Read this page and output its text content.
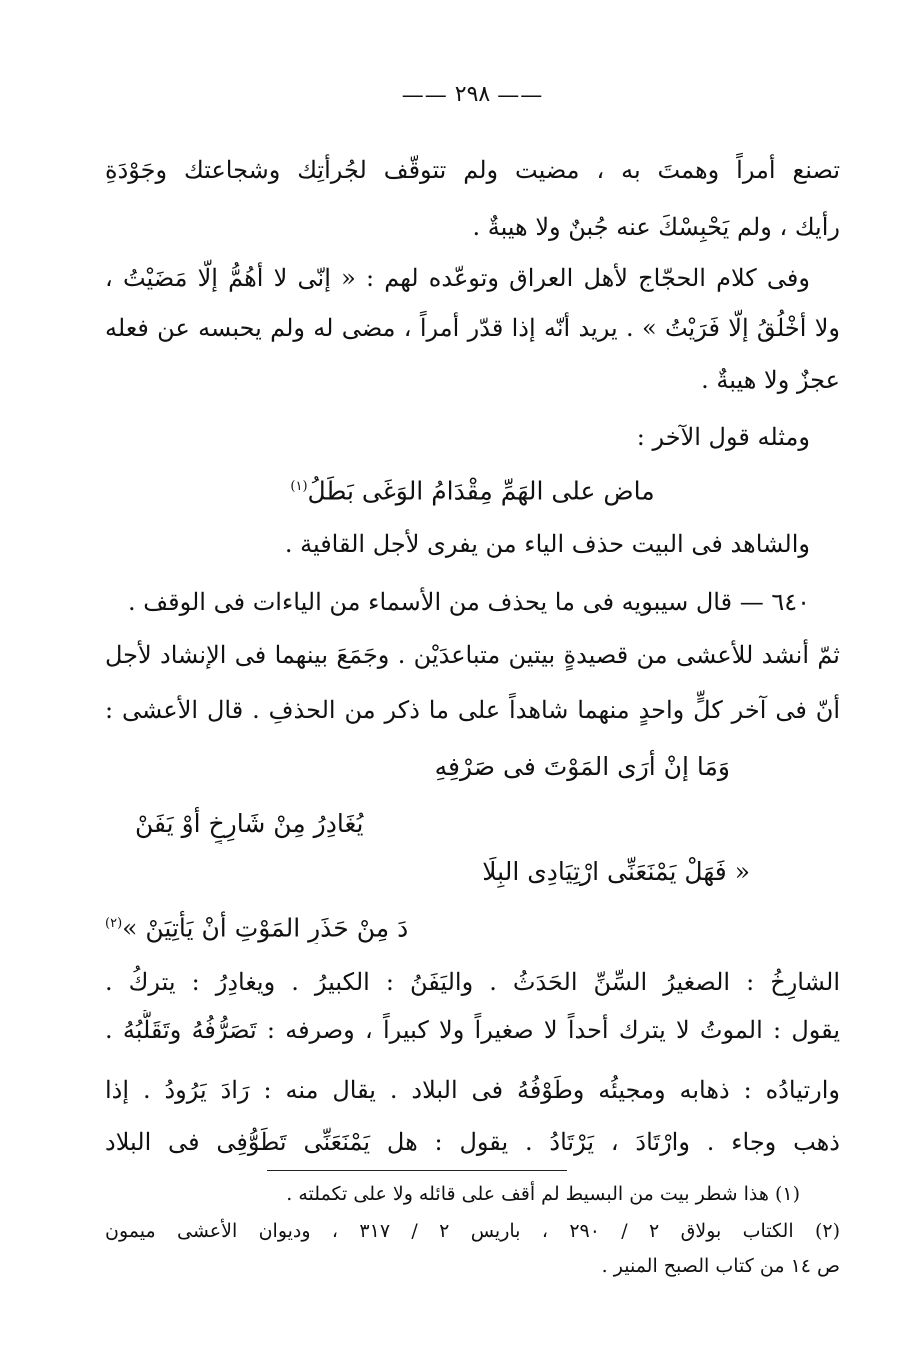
—— ٢٩٨ ——
تصنع أمراً وهمتَ به ، مضيت ولم تتوقّف لجُرأتِك وشجاعتك وجَوْدَةِ
رأيك ، ولم يَحْبِسْكَ عنه جُبنٌ ولا هيبةٌ .
وفى كلام الحجّاج لأهل العراق وتوعّده لهم : « إنّى لا أهُمُّ إلّا مَضَيْتُ ،
ولا أخْلُقُ إلّا فَرَيْتُ » . يريد أنّه إذا قدّر أمراً ، مضى له ولم يحبسه عن فعله
عجزٌ ولا هيبةٌ .
ومثله قول الآخر :
ماضٍ على الهَمِّ مِقْدَامُ الوَغَى بَطَلُ$^{(١)}$
والشاهد فى البيت حذف الياء من يفرى لأجل القافية .
٦٤٠ — قال سيبويه فى ما يحذف من الأسماء من الياءات فى الوقف .
ثمّ أنشد للأعشى من قصيدةٍ بيتين متباعدَيْن . وجَمَعَ بينهما فى الإنشاد لأجل
أنّ فى آخر كلٍّ واحدٍ منهما شاهداً على ما ذكر من الحذفِ . قال الأعشى :
وَمَا إنْ أرَى المَوْتَ فى صَرْفِهِ
يُغَادِرُ مِنْ شَارِخٍ أوْ يَفَنْ
« فَهَلْ يَمْنَعَنِّى ارْتِيَادِى البِلَا
دَ مِنْ حَذَرِ المَوْتِ أنْ يَأتِيَنْ »$^{(٢)}$
الشارِخُ : الصغيرُ السِّنِّ الحَدَثُ . واليَفَنُ : الكبيرُ . ويغادِرُ : يتركُ .
يقول : الموتُ لا يترك أحداً لا صغيراً ولا كبيراً ، وصرفه : تَصَرُّفُهُ وتَقَلُّبُهُ .
وارتيادُه : ذهابه ومجيئُه وطَوْفُهُ فى البلاد . يقال منه : رَادَ يَرُودُ . إذا
ذهب وجاء . وارْتَادَ ، يَرْتَادُ . يقول : هل يَمْنَعَنِّى تَطَوُّفِى فى البلاد
(١) هذا شطر بيت من البسيط لم أقف على قائله ولا على تكملته .
(٢) الكتاب بولاق ٢ / ٢٩٠ ، باريس ٢ / ٣١٧ ، وديوان الأعشى ميمون
ص ١٤ من كتاب الصبح المنير .
